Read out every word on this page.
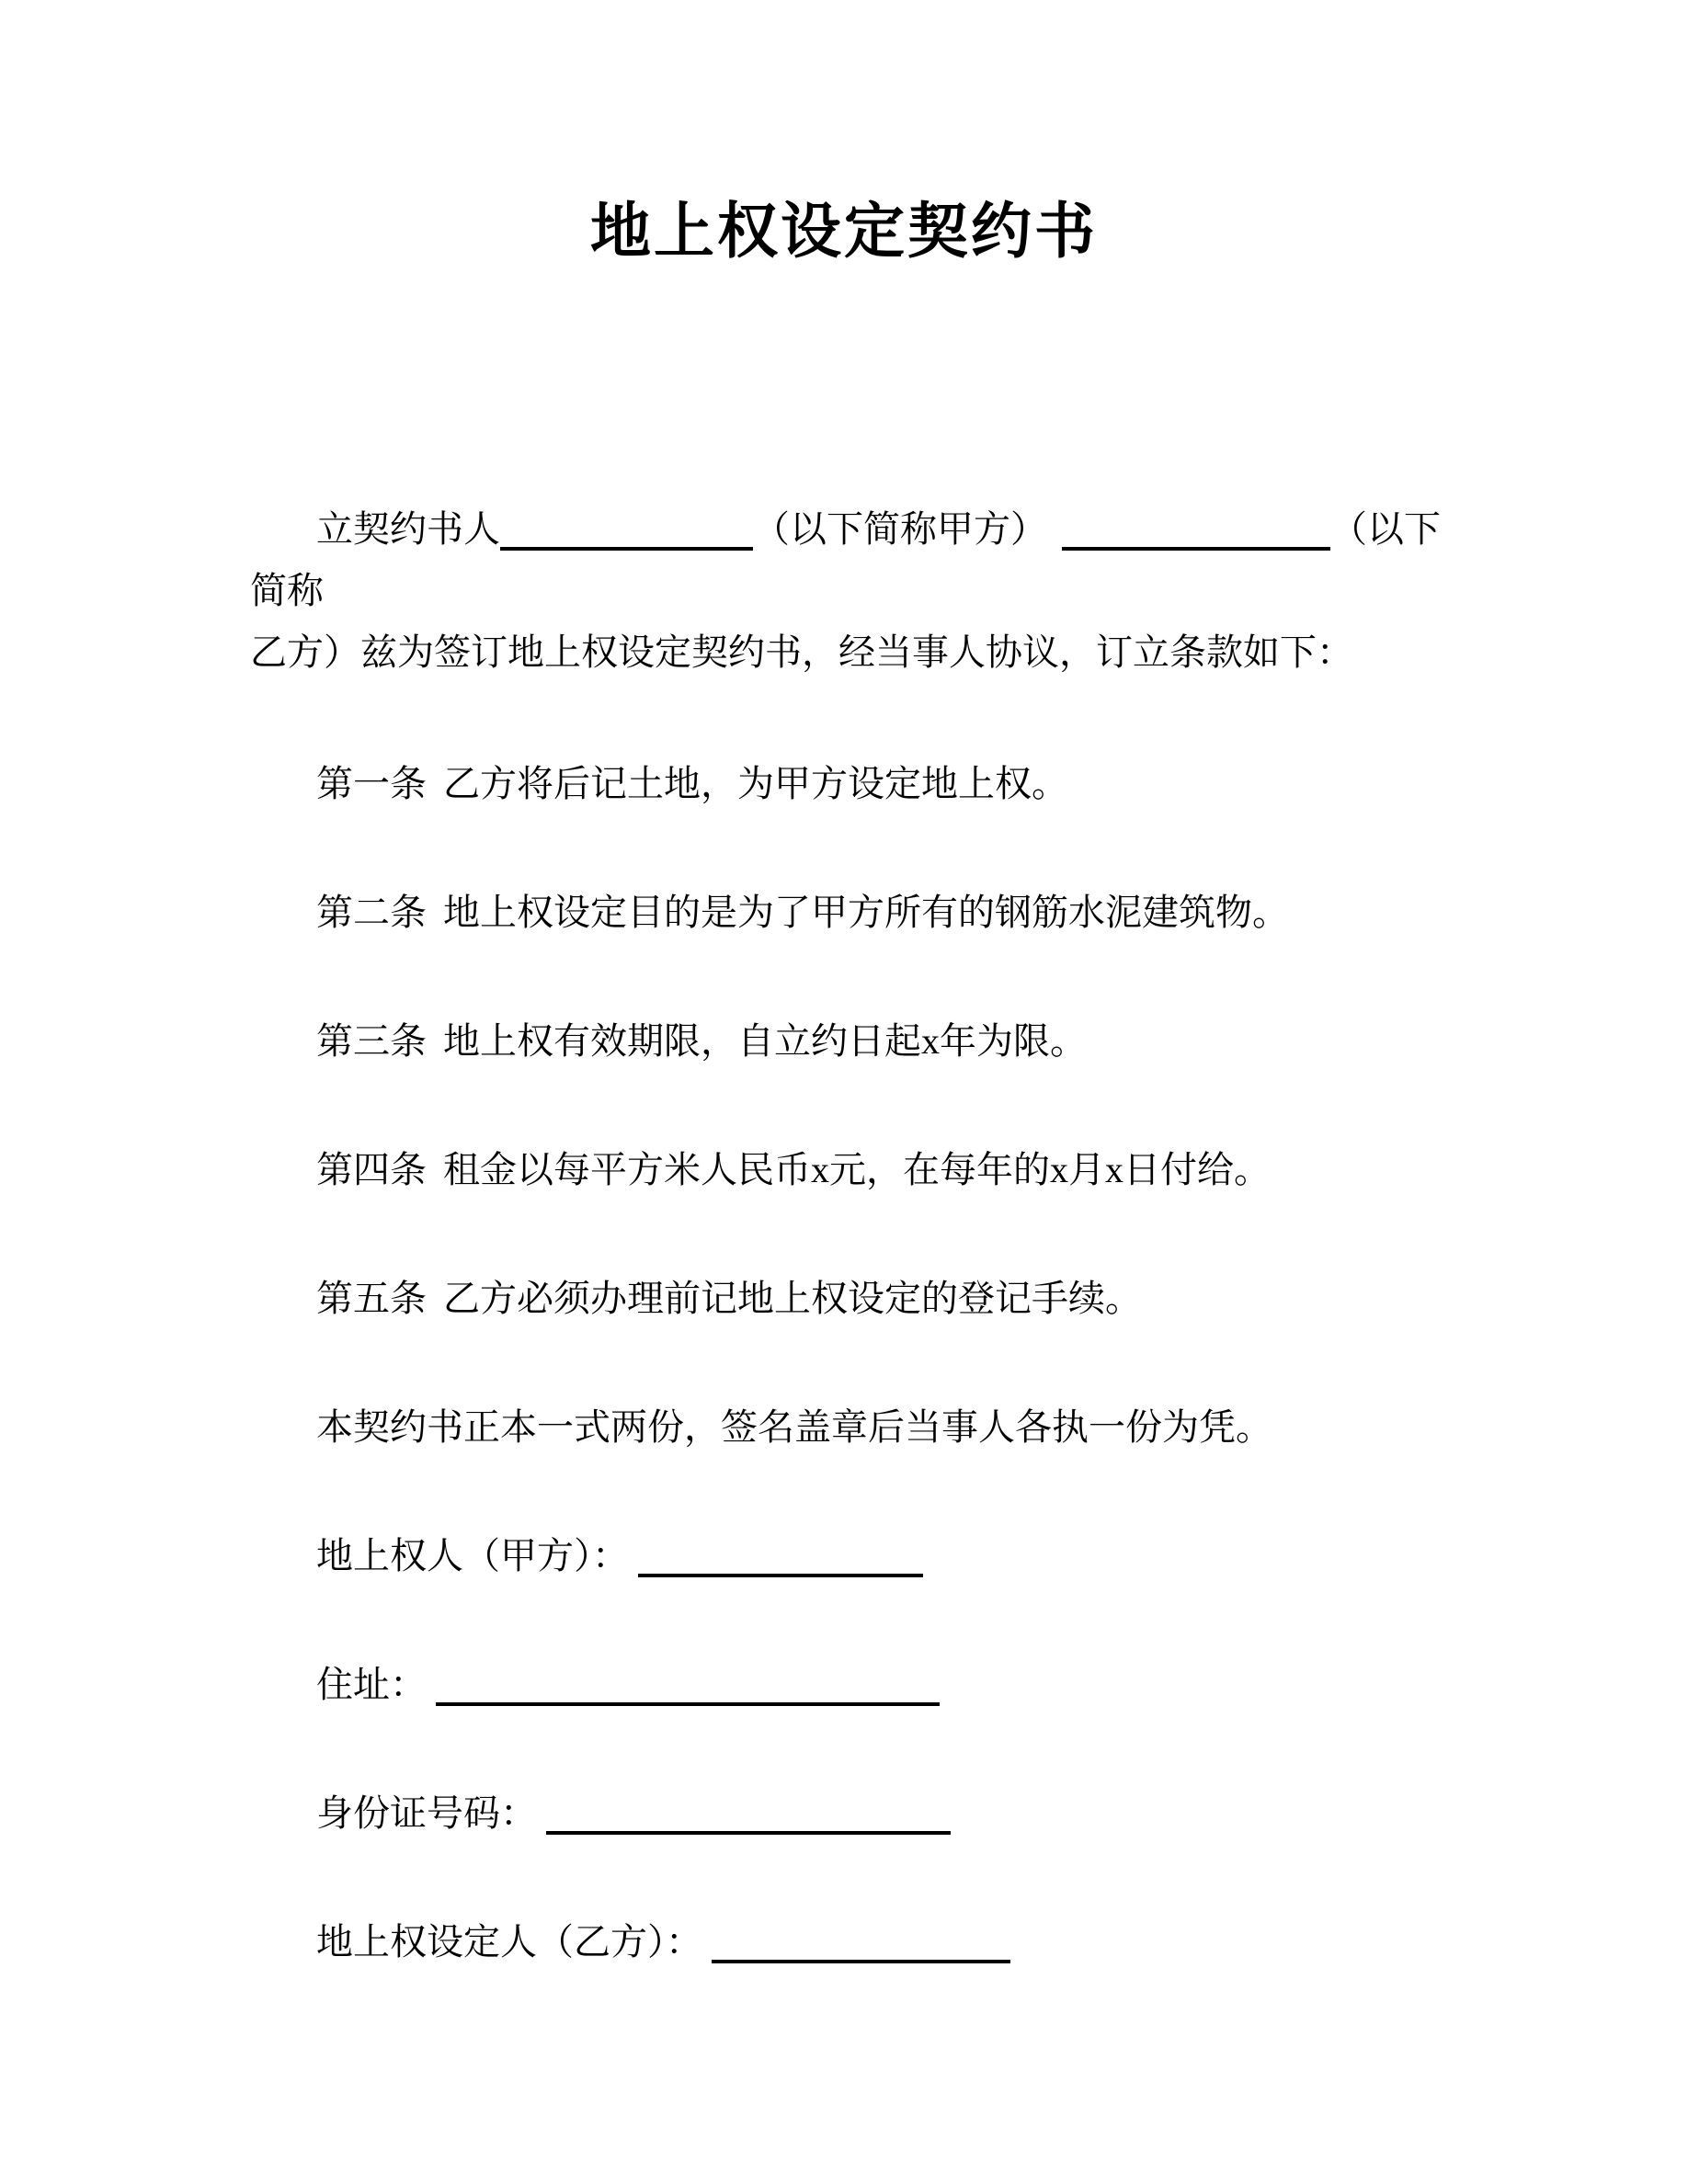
地上权设定契约书
立契约书人	（以下简称甲方）	（以下简称
乙方）兹为签订地上权设定契约书，经当事人协议，订立条款如下：
第一条 乙方将后记土地，为甲方设定地上权。
第二条 地上权设定目的是为了甲方所有的钢筋水泥建筑物。
第三条 地上权有效期限，自立约日起x年为限。
第四条 租金以每平方米人民币x元，在每年的x月x日付给。
第五条 乙方必须办理前记地上权设定的登记手续。
本契约书正本一式两份，签名盖章后当事人各执一份为凭。
地上权人（甲方）：
住址：
身份证号码：
地上权设定人（乙方）：
